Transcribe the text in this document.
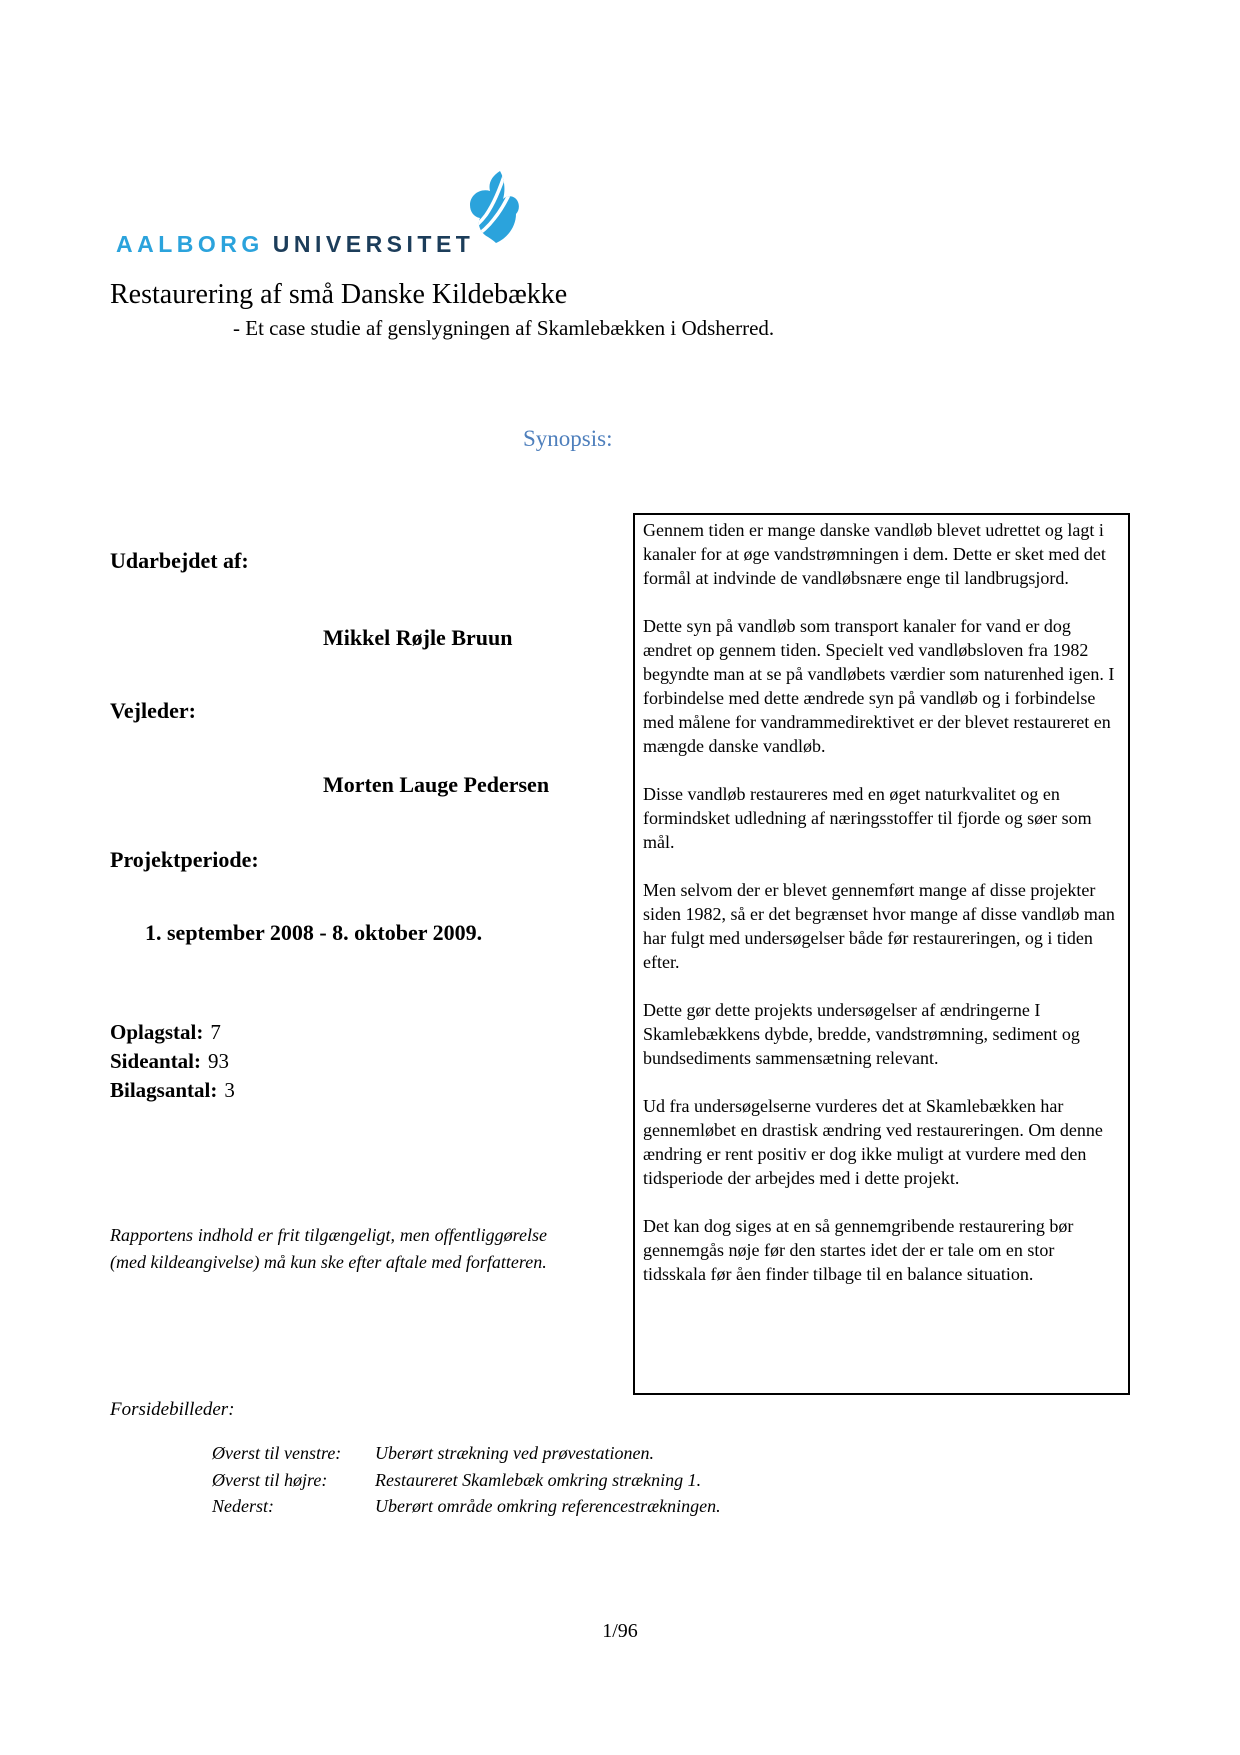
AALBORG UNIVERSITET
Restaurering af små Danske Kildebække
- Et case studie af genslygningen af Skamlebækken i Odsherred.
Synopsis:
Udarbejdet af:
Mikkel Røjle Bruun
Vejleder:
Morten Lauge Pedersen
Projektperiode:
1. september 2008 - 8. oktober 2009.
Oplagstal: 7
Sideantal: 93
Bilagsantal: 3
Rapportens indhold er frit tilgængeligt, men offentliggørelse (med kildeangivelse) må kun ske efter aftale med forfatteren.

Gennem tiden er mange danske vandløb blevet udrettet og lagt i kanaler for at øge vandstrømningen i dem. Dette er sket med det formål at indvinde de vandløbsnære enge til landbrugsjord.

Dette syn på vandløb som transport kanaler for vand er dog ændret op gennem tiden. Specielt ved vandløbsloven fra 1982 begyndte man at se på vandløbets værdier som naturenhed igen. I forbindelse med dette ændrede syn på vandløb og i forbindelse med målene for vandrammedirektivet er der blevet restaureret en mængde danske vandløb.

Disse vandløb restaureres med en øget naturkvalitet og en formindsket udledning af næringsstoffer til fjorde og søer som mål.

Men selvom der er blevet gennemført mange af disse projekter siden 1982, så er det begrænset hvor mange af disse vandløb man har fulgt med undersøgelser både før restaureringen, og i tiden efter.

Dette gør dette projekts undersøgelser af ændringerne I Skamlebækkens dybde, bredde, vandstrømning, sediment og bundsediments sammensætning relevant.

Ud fra undersøgelserne vurderes det at Skamlebækken har gennemløbet en drastisk ændring ved restaureringen. Om denne ændring er rent positiv er dog ikke muligt at vurdere med den tidsperiode der arbejdes med i dette projekt.

Det kan dog siges at en så gennemgribende restaurering bør gennemgås nøje før den startes idet der er tale om en stor tidsskala før åen finder tilbage til en balance situation.

Forsidebilleder:
Øverst til venstre:	Uberørt strækning ved prøvestationen.
Øverst til højre:	Restaureret Skamlebæk omkring strækning 1.
Nederst:	Uberørt område omkring referencestrækningen.
1/96
